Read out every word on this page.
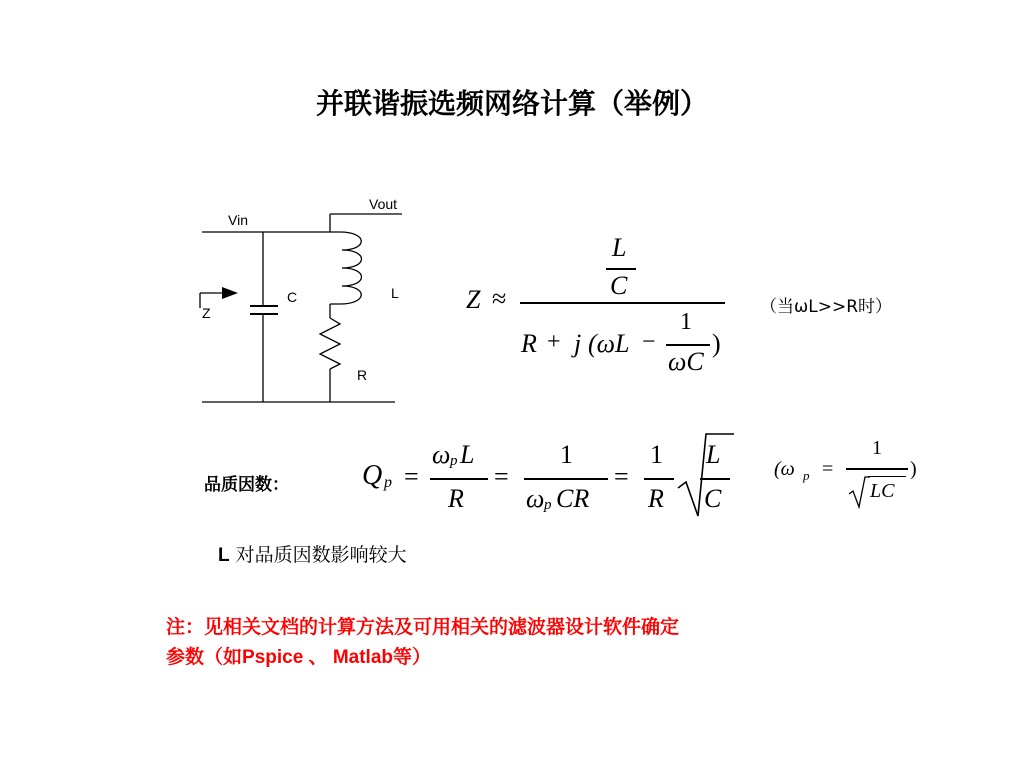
并联谐振选频网络计算（举例）
Vin
Vout
Z
C	L
R
Z ≈
L
C
R + j (ωL −
1
ωC
)
（当ωL>>R时）
品质因数：	Q p =
ω p L
R
=
1
ω p CR
=
1
R
L
C
(ω p =
1
LC
)
L 对品质因数影响较大
注：见相关文档的计算方法及可用相关的滤波器设计软件确定
参数（如Pspice 、 Matlab等）
